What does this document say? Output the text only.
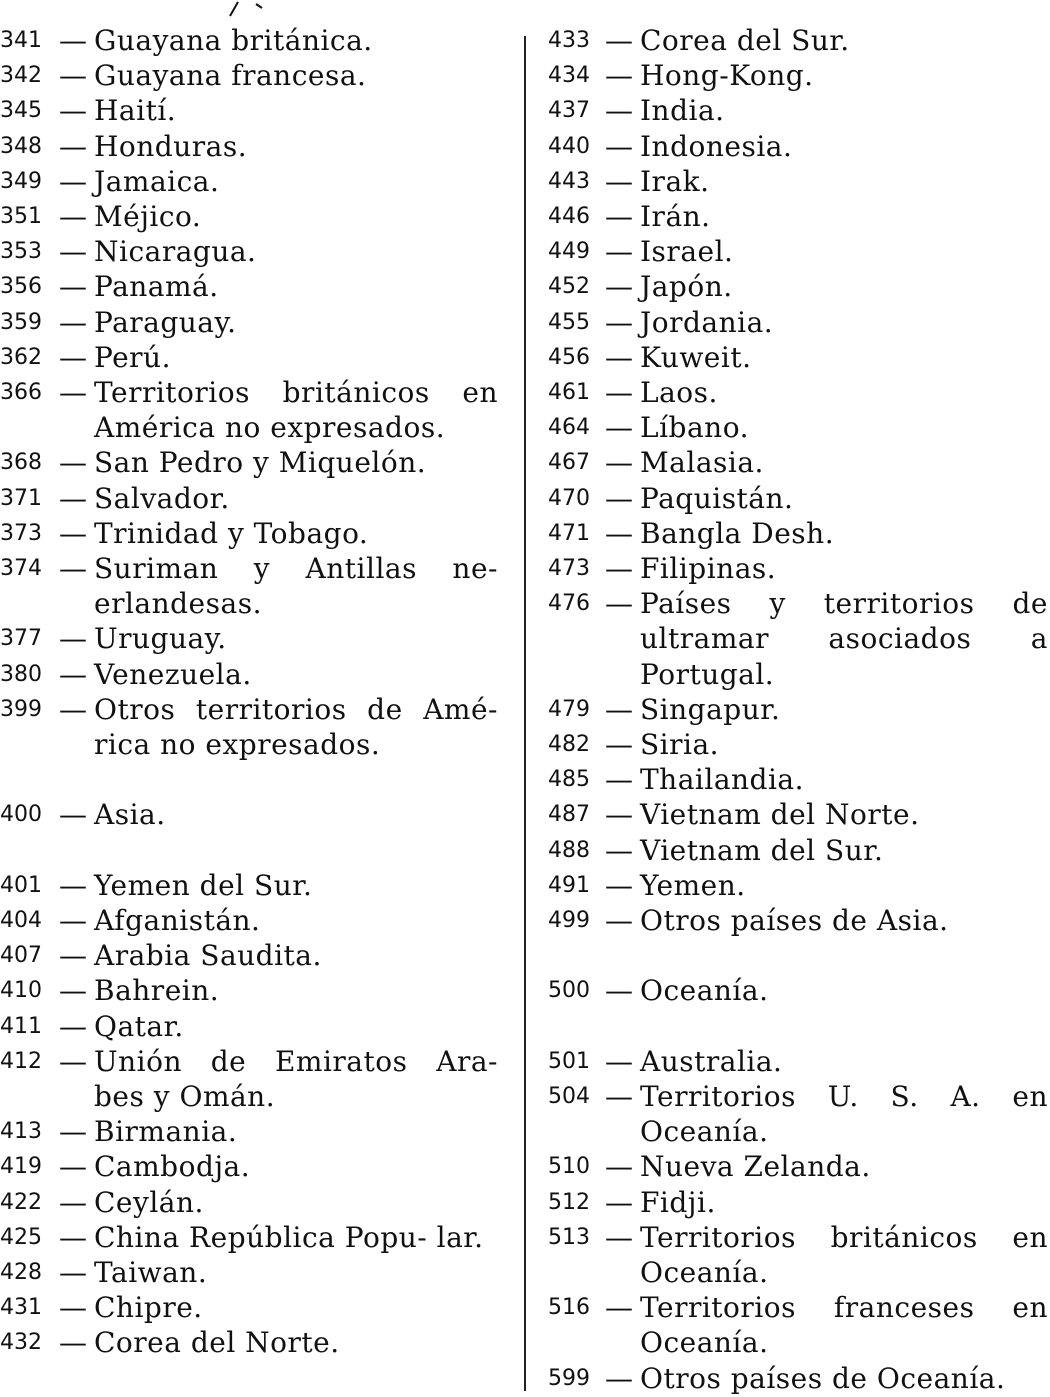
341 — Guayana británica.
342 — Guayana francesa.
345 — Haití.
348 — Honduras.
349 — Jamaica.
351 — Méjico.
353 — Nicaragua.
356 — Panamá.
359 — Paraguay.
362 — Perú.
366 — Territorios británicos en América no expresados.
368 — San Pedro y Miquelón.
371 — Salvador.
373 — Trinidad y Tobago.
374 — Suriman y Antillas ne- erlandesas.
377 — Uruguay.
380 — Venezuela.
399 — Otros territorios de Amé- rica no expresados.
400 — Asia.
401 — Yemen del Sur.
404 — Afganistán.
407 — Arabia Saudita.
410 — Bahrein.
411 — Qatar.
412 — Unión de Emiratos Ara- bes y Omán.
413 — Birmania.
419 — Cambodja.
422 — Ceylán.
425 — China República Popu- lar.
428 — Taiwan.
431 — Chipre.
432 — Corea del Norte.
433 — Corea del Sur.
434 — Hong-Kong.
437 — India.
440 — Indonesia.
443 — Irak.
446 — Irán.
449 — Israel.
452 — Japón.
455 — Jordania.
456 — Kuweit.
461 — Laos.
464 — Líbano.
467 — Malasia.
470 — Paquistán.
471 — Bangla Desh.
473 — Filipinas.
476 — Países y territorios de ultramar asociados a Portugal.
479 — Singapur.
482 — Siria.
485 — Thailandia.
487 — Vietnam del Norte.
488 — Vietnam del Sur.
491 — Yemen.
499 — Otros países de Asia.
500 — Oceanía.
501 — Australia.
504 — Territorios U. S. A. en Oceanía.
510 — Nueva Zelanda.
512 — Fidji.
513 — Territorios británicos en Oceanía.
516 — Territorios franceses en Oceanía.
599 — Otros países de Oceanía.
